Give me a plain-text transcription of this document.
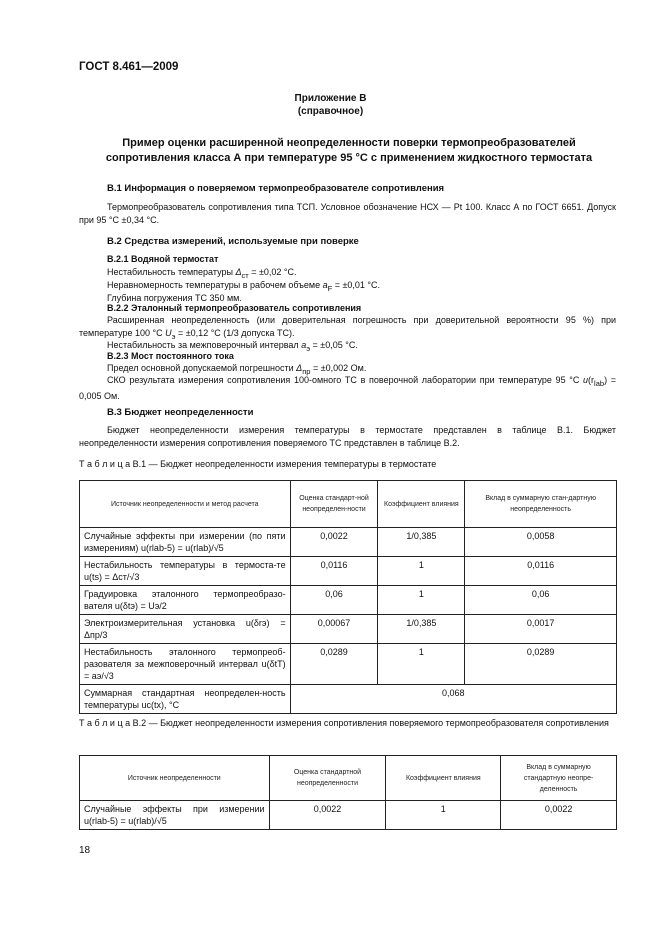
ГОСТ 8.461—2009
Приложение В
(справочное)
Пример оценки расширенной неопределенности поверки термопреобразователей
сопротивления класса А при температуре 95 °С с применением жидкостного термостата
В.1 Информация о поверяемом термопреобразователе сопротивления
Термопреобразователь сопротивления типа ТСП. Условное обозначение НСХ — Pt 100. Класс А по ГОСТ 6651. Допуск при 95 °С ±0,34 °С.
В.2 Средства измерений, используемые при поверке
В.2.1 Водяной термостат
Нестабильность температуры $\Delta_{ст} = \pm 0,02$ °С.
Неравномерность температуры в рабочем объеме $a_F = \pm 0,01$ °С.
Глубина погружения ТС 350 мм.
В.2.2 Эталонный термопреобразователь сопротивления
Расширенная неопределенность (или доверительная погрешность при доверительной вероятности 95 %) при температуре 100 °С $U_э = \pm 0,12$ °С (1/3 допуска ТС).
Нестабильность за межповерочный интервал $a_э = \pm 0,05$ °С.
В.2.3 Мост постоянного тока
Предел основной допускаемой погрешности $\Delta_{пр} = \pm 0,002$ Ом.
СКО результата измерения сопротивления 100-омного ТС в поверочной лаборатории при температуре 95 °С $u(r_{lab}) = 0,005$ Ом.
В.3 Бюджет неопределенности
Бюджет неопределенности измерения температуры в термостате представлен в таблице В.1. Бюджет неопределенности измерения сопротивления поверяемого ТС представлен в таблице В.2.
Т а б л и ц а В.1 — Бюджет неопределенности измерения температуры в термостате
Источник неопределенности и метод расчета	Оценка стандарт-ной неопределен-ности	Коэффициент влияния	Вклад в суммарную стан-дартную неопределенность
Случайные эффекты при измерении (по пяти измерениям) u(rlab-5) = u(rlab)/√5	0,0022	1/0,385	0,0058
Нестабильность температуры в термоста-те u(ts) = Δст/√3	0,0116	1	0,0116
Градуировка эталонного термопреобразо-вателя u(δtэ) = Uэ/2	0,06	1	0,06
Электроизмерительная установка u(δrэ) = Δпр/3	0,00067	1/0,385	0,0017
Нестабильность эталонного термопреоб-разователя за межповерочный интервал u(δtT) = aэ/√3	0,0289	1	0,0289
Суммарная стандартная неопределен-ность температуры uc(tx), °С	0,068		
Т а б л и ц а В.2 — Бюджет неопределенности измерения сопротивления поверяемого термопреобразователя сопротивления
Источник неопределенности	Оценка стандартной неопределенности	Коэффициент влияния	Вклад в суммарную стандартную неопре-деленность
Случайные эффекты при измерении u(rlab-5) = u(rlab)/√5	0,0022	1	0,0022
18
